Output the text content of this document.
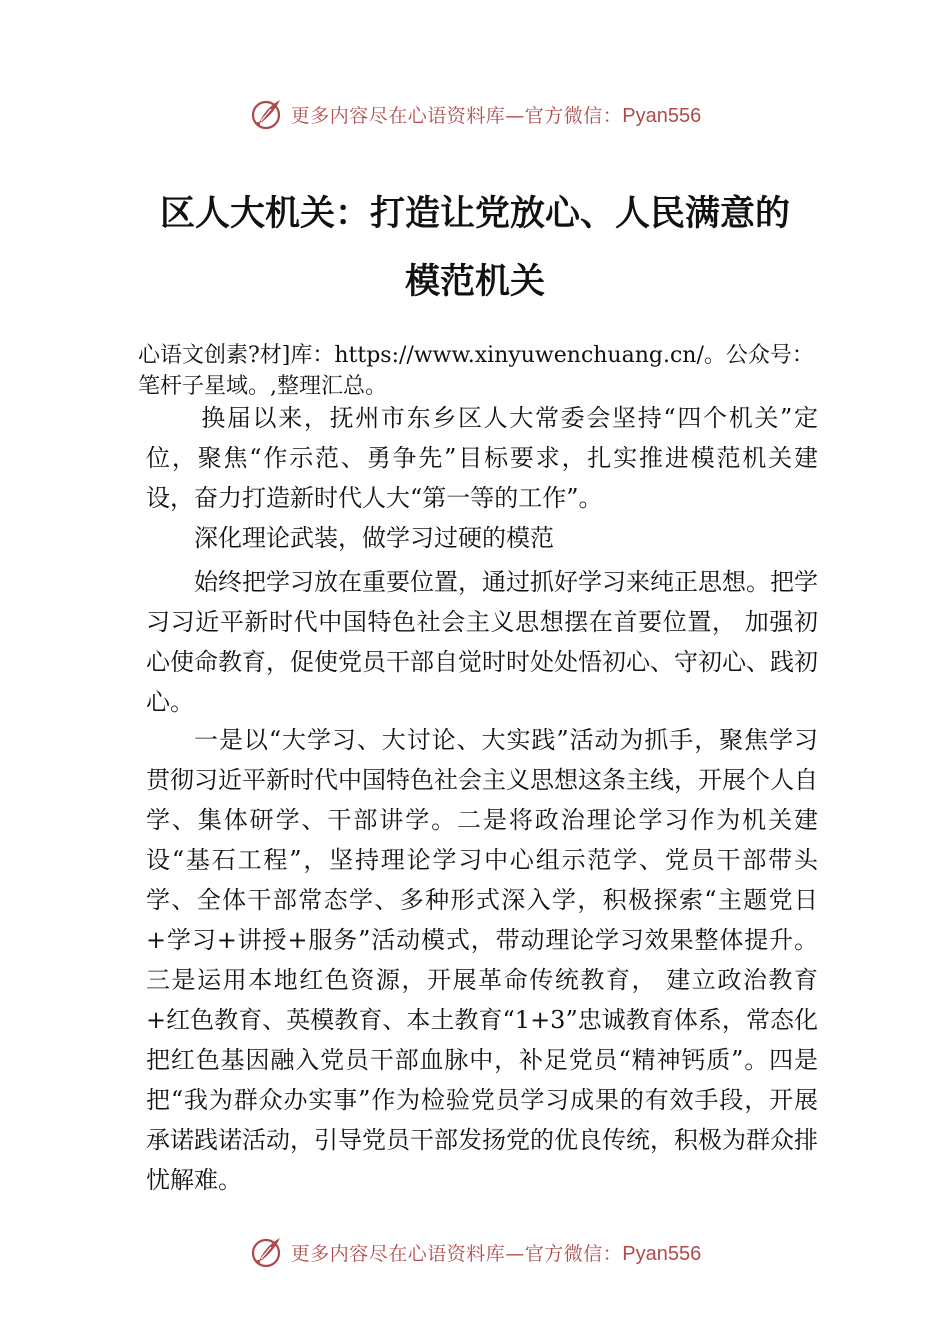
更多内容尽在心语资料库—官方微信：Pyan556
区人大机关：打造让党放心、人民满意的
模范机关
心语文创素?材]库：https://www.xinyuwenchuang.cn/。公众号：笔杆子星域。,整理汇总。
换届以来，抚州市东乡区人大常委会坚持“四个机关”定位，聚焦“作示范、勇争先”目标要求，扎实推进模范机关建设，奋力打造新时代人大“第一等的工作”。
深化理论武装，做学习过硬的模范
始终把学习放在重要位置，通过抓好学习来纯正思想。把学习习近平新时代中国特色社会主义思想摆在首要位置， 加强初心使命教育，促使党员干部自觉时时处处悟初心、守初心、践初心。
一是以“大学习、大讨论、大实践”活动为抓手，聚焦学习贯彻习近平新时代中国特色社会主义思想这条主线，开展个人自学、集体研学、干部讲学。二是将政治理论学习作为机关建设“基石工程”，坚持理论学习中心组示范学、党员干部带头学、全体干部常态学、多种形式深入学，积极探索“主题党日+学习+讲授+服务”活动模式，带动理论学习效果整体提升。三是运用本地红色资源，开展革命传统教育， 建立政治教育+红色教育、英模教育、本土教育“1+3”忠诚教育体系，常态化把红色基因融入党员干部血脉中，补足党员“精神钙质”。四是把“我为群众办实事”作为检验党员学习成果的有效手段，开展承诺践诺活动，引导党员干部发扬党的优良传统，积极为群众排忧解难。
更多内容尽在心语资料库—官方微信：Pyan556
